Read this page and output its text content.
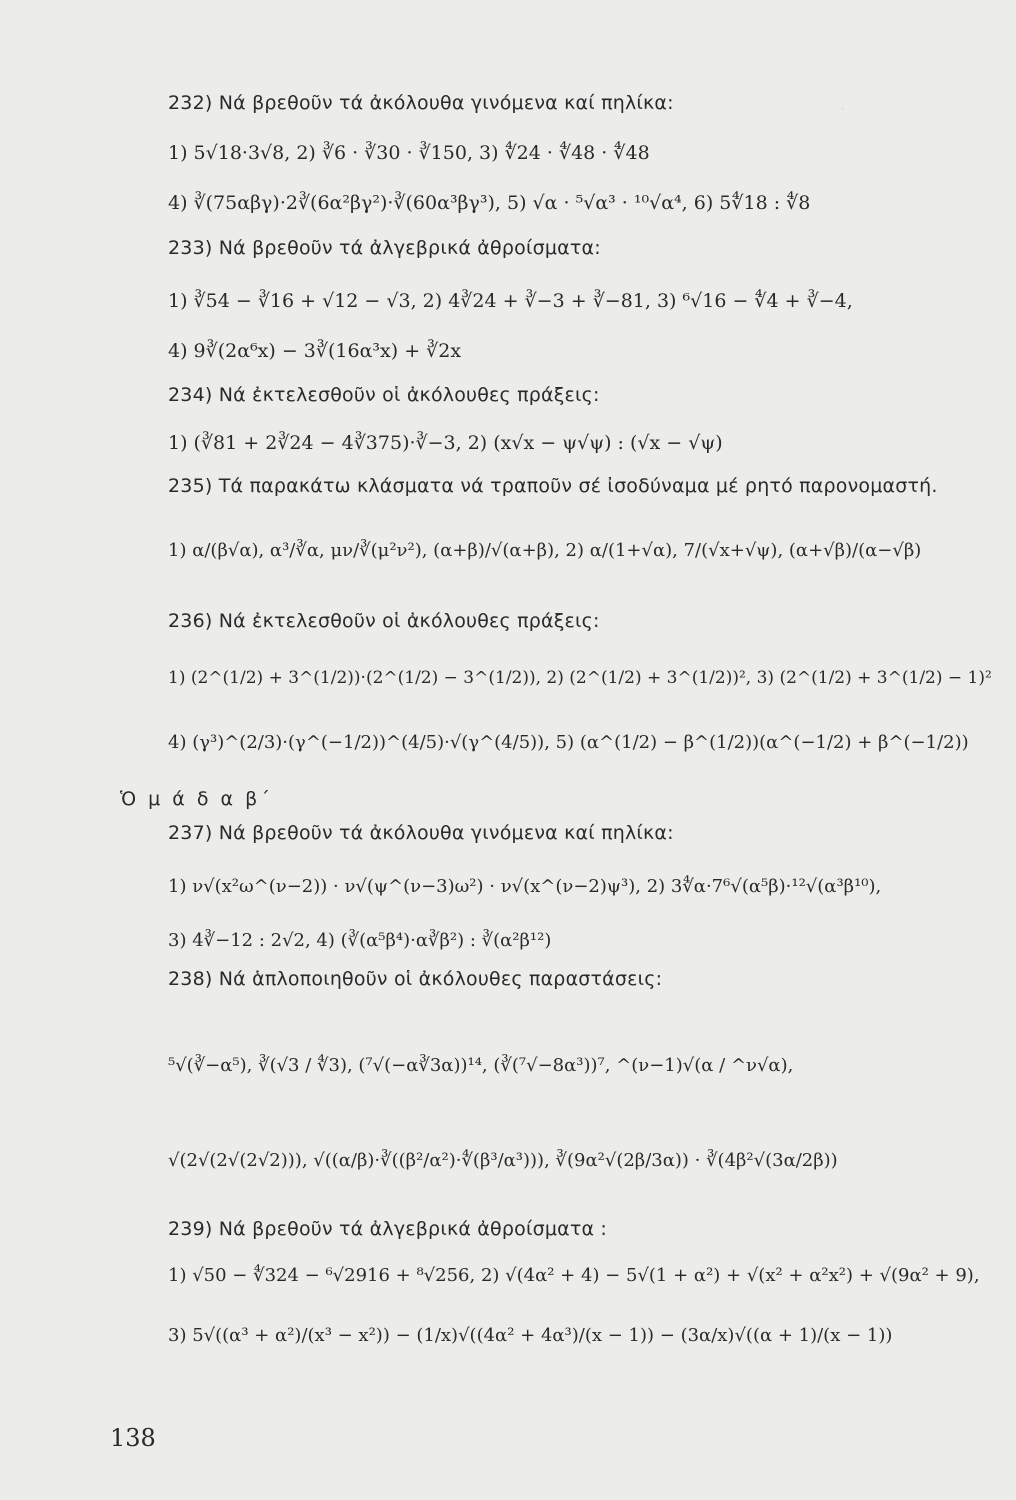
·
232) Νά βρεθοῦν τά ἀκόλουθα γινόμενα καί πηλίκα:
1) 5√18·3√8, 2) ∛6 · ∛30 · ∛150, 3) ∜24 · ∜48 · ∜48
4) ∛(75αβγ)·2∛(6α²βγ²)·∛(60α³βγ³), 5) √α · ⁵√α³ · ¹⁰√α⁴, 6) 5∜18 : ∜8
233) Νά βρεθοῦν τά ἀλγεβρικά ἀθροίσματα:
1) ∛54 − ∛16 + √12 − √3, 2) 4∛24 + ∛−3 + ∛−81, 3) ⁶√16 − ∜4 + ∛−4,
4) 9∛(2α⁶x) − 3∛(16α³x) + ∛2x
234) Νά ἐκτελεσθοῦν οἱ ἀκόλουθες πράξεις:
1) (∛81 + 2∛24 − 4∛375)·∛−3, 2) (x√x − ψ√ψ) : (√x − √ψ)
235) Τά παρακάτω κλάσματα νά τραποῦν σέ ἰσοδύναμα μέ ρητό παρονομαστή.
1) α/(β√α), α³/∛α, μν/∛(μ²ν²), (α+β)/√(α+β), 2) α/(1+√α), 7/(√x+√ψ), (α+√β)/(α−√β)
236) Νά ἐκτελεσθοῦν οἱ ἀκόλουθες πράξεις:
1) (2^(1/2) + 3^(1/2))·(2^(1/2) − 3^(1/2)), 2) (2^(1/2) + 3^(1/2))², 3) (2^(1/2) + 3^(1/2) − 1)²
4) (γ³)^(2/3)·(γ^(−1/2))^(4/5)·√(γ^(4/5)), 5) (α^(1/2) − β^(1/2))(α^(−1/2) + β^(−1/2))
Ὁ μ ά δ α β΄
237) Νά βρεθοῦν τά ἀκόλουθα γινόμενα καί πηλίκα:
1) ν√(x²ω^(ν−2)) · ν√(ψ^(ν−3)ω²) · ν√(x^(ν−2)ψ³), 2) 3∜α·7⁶√(α⁵β)·¹²√(α³β¹⁰),
3) 4∛−12 : 2√2, 4) (∛(α⁵β⁴)·α∛β²) : ∛(α²β¹²)
238) Νά ἁπλοποιηθοῦν οἱ ἀκόλουθες παραστάσεις:
⁵√(∛−α⁵), ∛(√3 / ∜3), (⁷√(−α∛3α))¹⁴, (∛(⁷√−8α³))⁷, ^(ν−1)√(α / ^ν√α),
√(2√(2√(2√2))), √((α/β)·∛((β²/α²)·∜(β³/α³))), ∛(9α²√(2β/3α)) · ∛(4β²√(3α/2β))
239) Νά βρεθοῦν τά ἀλγεβρικά ἀθροίσματα :
1) √50 − ∜324 − ⁶√2916 + ⁸√256, 2) √(4α² + 4) − 5√(1 + α²) + √(x² + α²x²) + √(9α² + 9),
3) 5√((α³ + α²)/(x³ − x²)) − (1/x)√((4α² + 4α³)/(x − 1)) − (3α/x)√((α + 1)/(x − 1))
138
